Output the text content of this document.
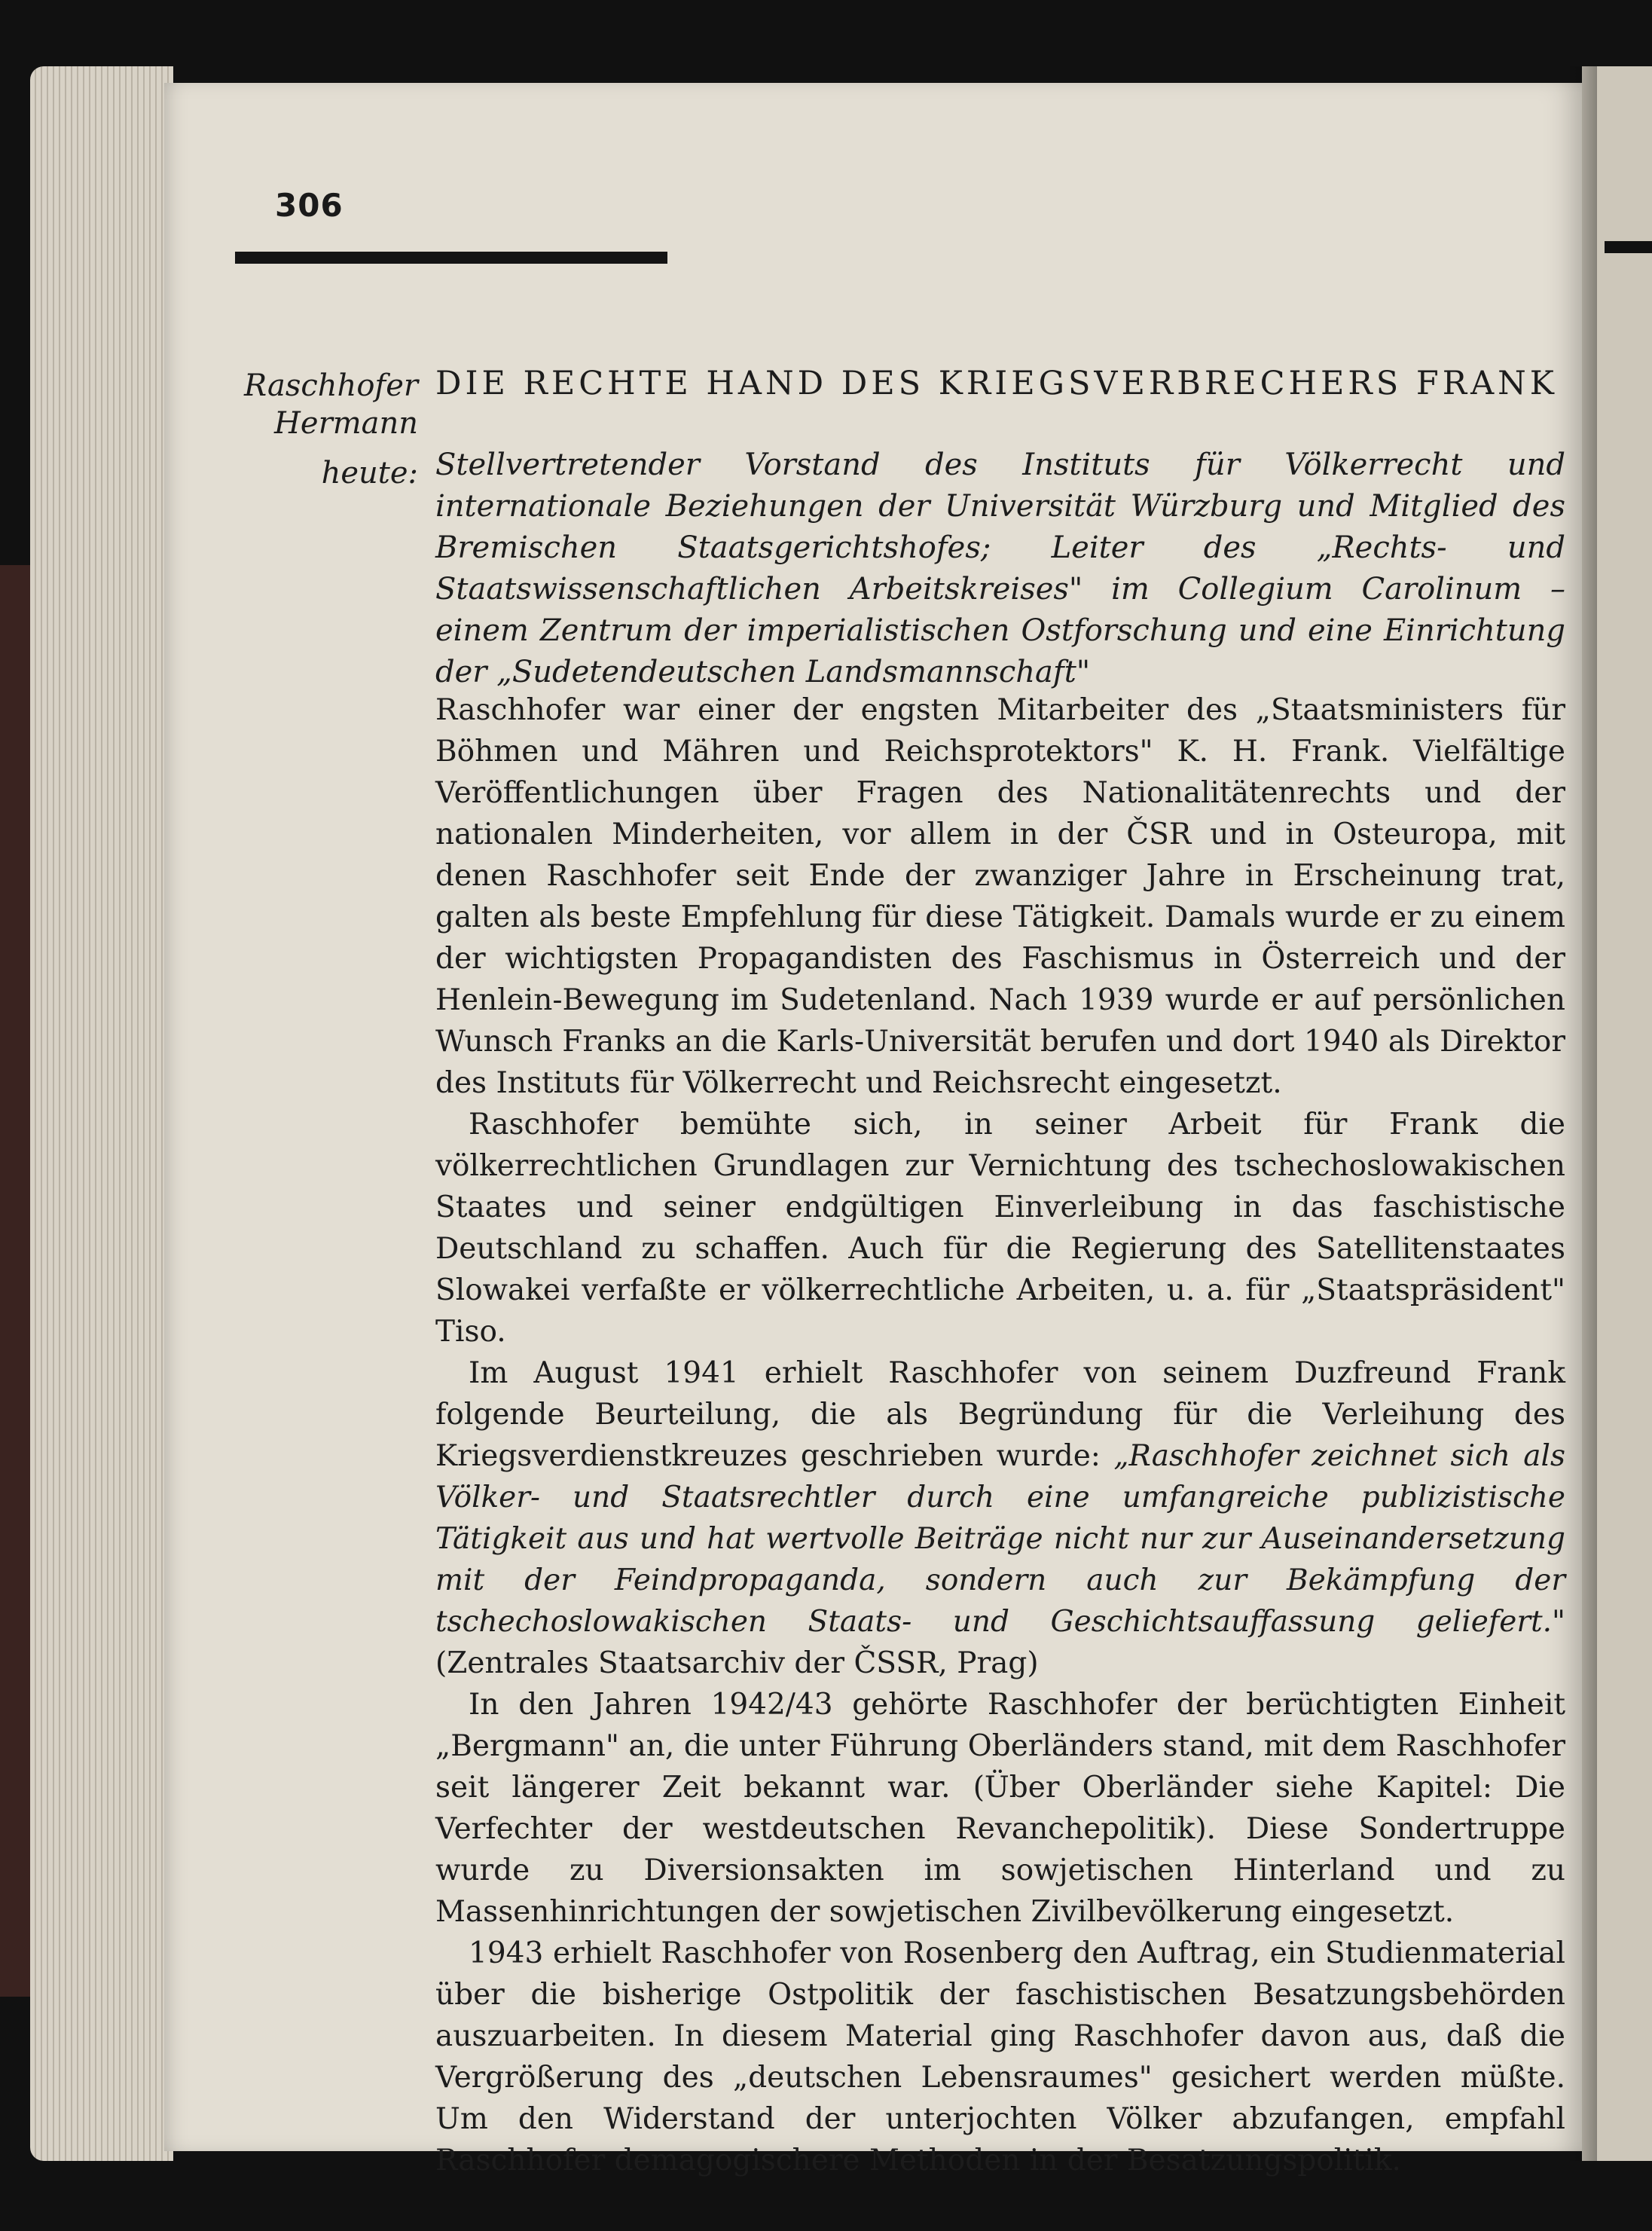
306
Raschhofer
Hermann
heute:
DIE RECHTE HAND DES KRIEGSVERBRECHERS FRANK
Stellvertretender Vorstand des Instituts für Völkerrecht und internationale Beziehungen der Universität Würzburg und Mitglied des Bremischen Staatsgerichtshofes; Leiter des „Rechts- und Staatswissenschaftlichen Arbeitskreises" im Collegium Carolinum – einem Zentrum der imperialistischen Ostforschung und eine Einrichtung der „Sudetendeutschen Landsmannschaft"

Raschhofer war einer der engsten Mitarbeiter des „Staatsministers für Böhmen und Mähren und Reichsprotektors" K. H. Frank. Vielfältige Veröffentlichungen über Fragen des Nationalitätenrechts und der nationalen Minderheiten, vor allem in der ČSR und in Osteuropa, mit denen Raschhofer seit Ende der zwanziger Jahre in Erscheinung trat, galten als beste Empfehlung für diese Tätigkeit. Damals wurde er zu einem der wichtigsten Propagandisten des Faschismus in Österreich und der Henlein-Bewegung im Sudetenland. Nach 1939 wurde er auf persönlichen Wunsch Franks an die Karls-Universität berufen und dort 1940 als Direktor des Instituts für Völkerrecht und Reichsrecht eingesetzt.

Raschhofer bemühte sich, in seiner Arbeit für Frank die völkerrechtlichen Grundlagen zur Vernichtung des tschechoslowakischen Staates und seiner endgültigen Einverleibung in das faschistische Deutschland zu schaffen. Auch für die Regierung des Satellitenstaates Slowakei verfaßte er völkerrechtliche Arbeiten, u. a. für „Staatspräsident" Tiso.

Im August 1941 erhielt Raschhofer von seinem Duzfreund Frank folgende Beurteilung, die als Begründung für die Verleihung des Kriegsverdienstkreuzes geschrieben wurde: „Raschhofer zeichnet sich als Völker- und Staatsrechtler durch eine umfangreiche publizistische Tätigkeit aus und hat wertvolle Beiträge nicht nur zur Auseinandersetzung mit der Feindpropaganda, sondern auch zur Bekämpfung der tschechoslowakischen Staats- und Geschichtsauffassung geliefert." (Zentrales Staatsarchiv der ČSSR, Prag)

In den Jahren 1942/43 gehörte Raschhofer der berüchtigten Einheit „Bergmann" an, die unter Führung Oberländers stand, mit dem Raschhofer seit längerer Zeit bekannt war. (Über Oberländer siehe Kapitel: Die Verfechter der westdeutschen Revanchepolitik). Diese Sondertruppe wurde zu Diversionsakten im sowjetischen Hinterland und zu Massenhinrichtungen der sowjetischen Zivilbevölkerung eingesetzt.

1943 erhielt Raschhofer von Rosenberg den Auftrag, ein Studienmaterial über die bisherige Ostpolitik der faschistischen Besatzungsbehörden auszuarbeiten. In diesem Material ging Raschhofer davon aus, daß die Vergrößerung des „deutschen Lebensraumes" gesichert werden müßte. Um den Widerstand der unterjochten Völker abzufangen, empfahl Raschhofer demagogischere Methoden in der Besatzungspolitik.
